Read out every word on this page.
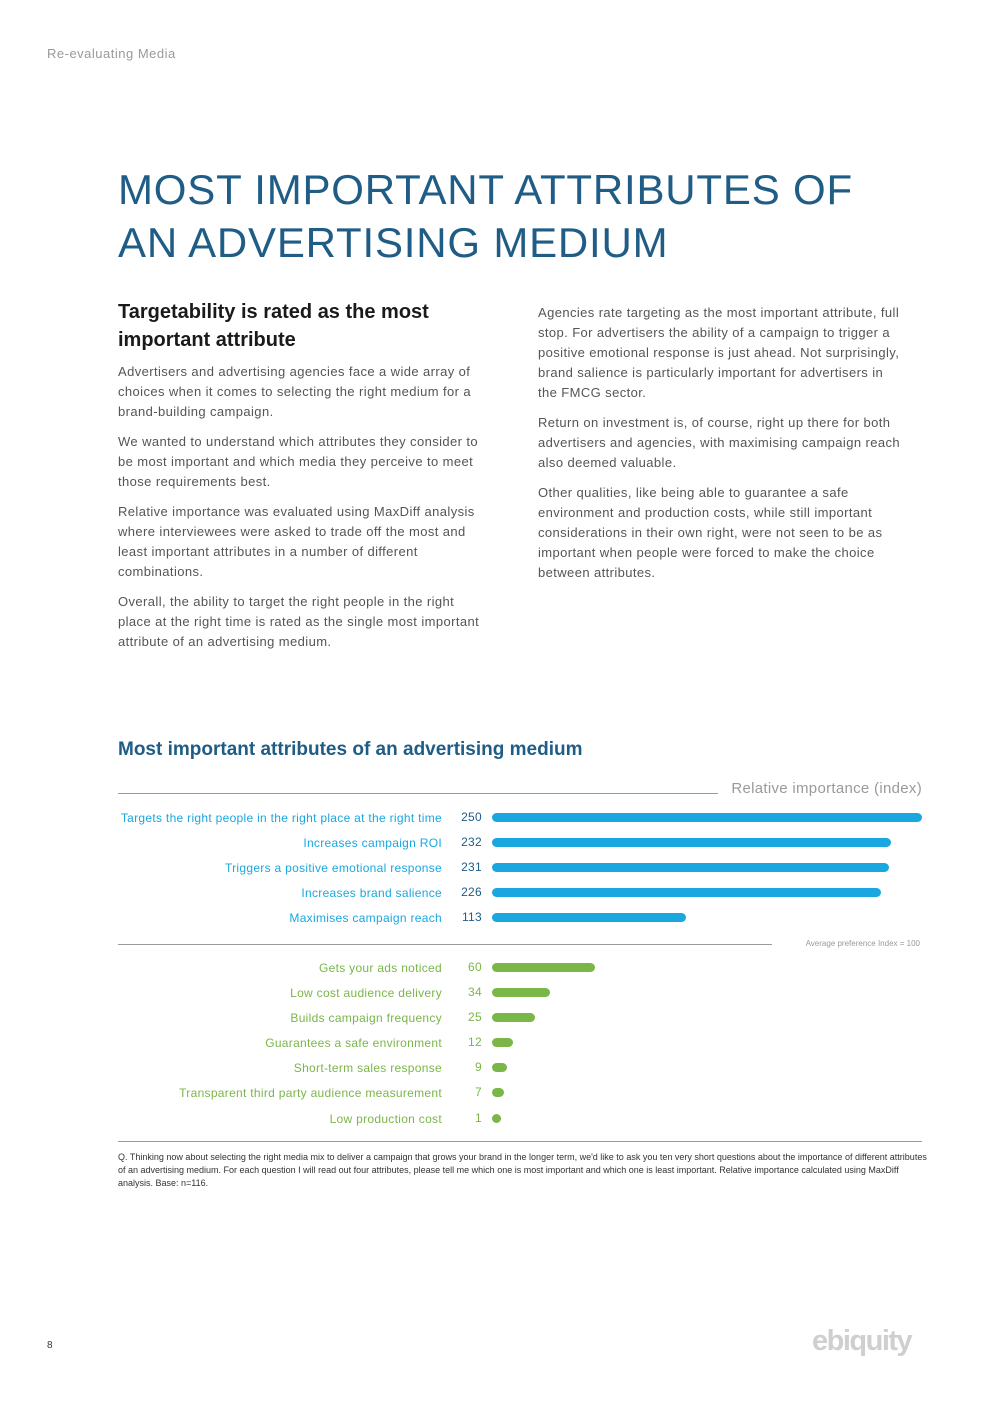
Re-evaluating Media
MOST IMPORTANT ATTRIBUTES OF
AN ADVERTISING MEDIUM
Targetability is rated as the most important attribute

Advertisers and advertising agencies face a wide array of choices when it comes to selecting the right medium for a brand-building campaign.

We wanted to understand which attributes they consider to be most important and which media they perceive to meet those requirements best.

Relative importance was evaluated using MaxDiff analysis where interviewees were asked to trade off the most and least important attributes in a number of different combinations.

Overall, the ability to target the right people in the right place at the right time is rated as the single most important attribute of an advertising medium.

Agencies rate targeting as the most important attribute, full stop. For advertisers the ability of a campaign to trigger a positive emotional response is just ahead. Not surprisingly, brand salience is particularly important for advertisers in the FMCG sector.

Return on investment is, of course, right up there for both advertisers and agencies, with maximising campaign reach also deemed valuable.

Other qualities, like being able to guarantee a safe environment and production costs, while still important considerations in their own right, were not seen to be as important when people were forced to make the choice between attributes.

Most important attributes of an advertising medium
Relative importance (index)
Targets the right people in the right place at the right time 250
Increases campaign ROI 232
Triggers a positive emotional response 231
Increases brand salience 226
Maximises campaign reach 113
Gets your ads noticed 60
Low cost audience delivery 34
Builds campaign frequency 25
Guarantees a safe environment 12
Short-term sales response	9
Transparent third party audience measurement	7
Low production cost	1
Average preference Index = 100

Q. Thinking now about selecting the right media mix to deliver a campaign that grows your brand in the longer term, we'd like to ask you ten very short questions about the importance of different attributes of an advertising medium. For each question I will read out four attributes, please tell me which one is most important and which one is least important. Relative importance calculated using MaxDiff analysis. Base: n=116.

8	ebiquity
